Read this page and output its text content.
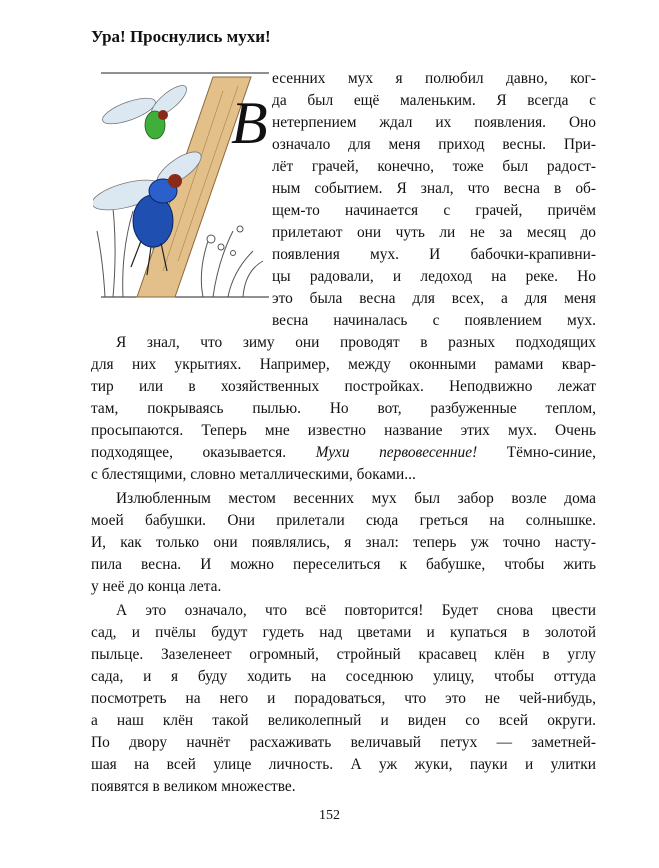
Ура! Проснулись мухи!
В
есенних мух я полюбил давно, ког-
да был ещё маленьким. Я всегда с
нетерпением ждал их появления. Оно
означало для меня приход весны. При-
лёт грачей, конечно, тоже был радост-
ным событием. Я знал, что весна в об-
щем-то начинается с грачей, причём
прилетают они чуть ли не за месяц до
появления мух. И бабочки-крапивни-
цы радовали, и ледоход на реке. Но
это была весна для всех, а для меня
весна начиналась с появлением мух.
Я знал, что зиму они проводят в разных подходящих
для них укрытиях. Например, между оконными рамами квар-
тир или в хозяйственных постройках. Неподвижно лежат
там, покрываясь пылью. Но вот, разбуженные теплом,
просыпаются. Теперь мне известно название этих мух. Очень
подходящее, оказывается. Мухи первовесенние! Тёмно-синие,
с блестящими, словно металлическими, боками...
Излюбленным местом весенних мух был забор возле дома
моей бабушки. Они прилетали сюда греться на солнышке.
И, как только они появлялись, я знал: теперь уж точно насту-
пила весна. И можно переселиться к бабушке, чтобы жить
у неё до конца лета.
А это означало, что всё повторится! Будет снова цвести
сад, и пчёлы будут гудеть над цветами и купаться в золотой
пыльце. Зазеленеет огромный, стройный красавец клён в углу
сада, и я буду ходить на соседнюю улицу, чтобы оттуда
посмотреть на него и порадоваться, что это не чей-нибудь,
а наш клён такой великолепный и виден со всей округи.
По двору начнёт расхаживать величавый петух — заметней-
шая на всей улице личность. А уж жуки, пауки и улитки
появятся в великом множестве.
152
